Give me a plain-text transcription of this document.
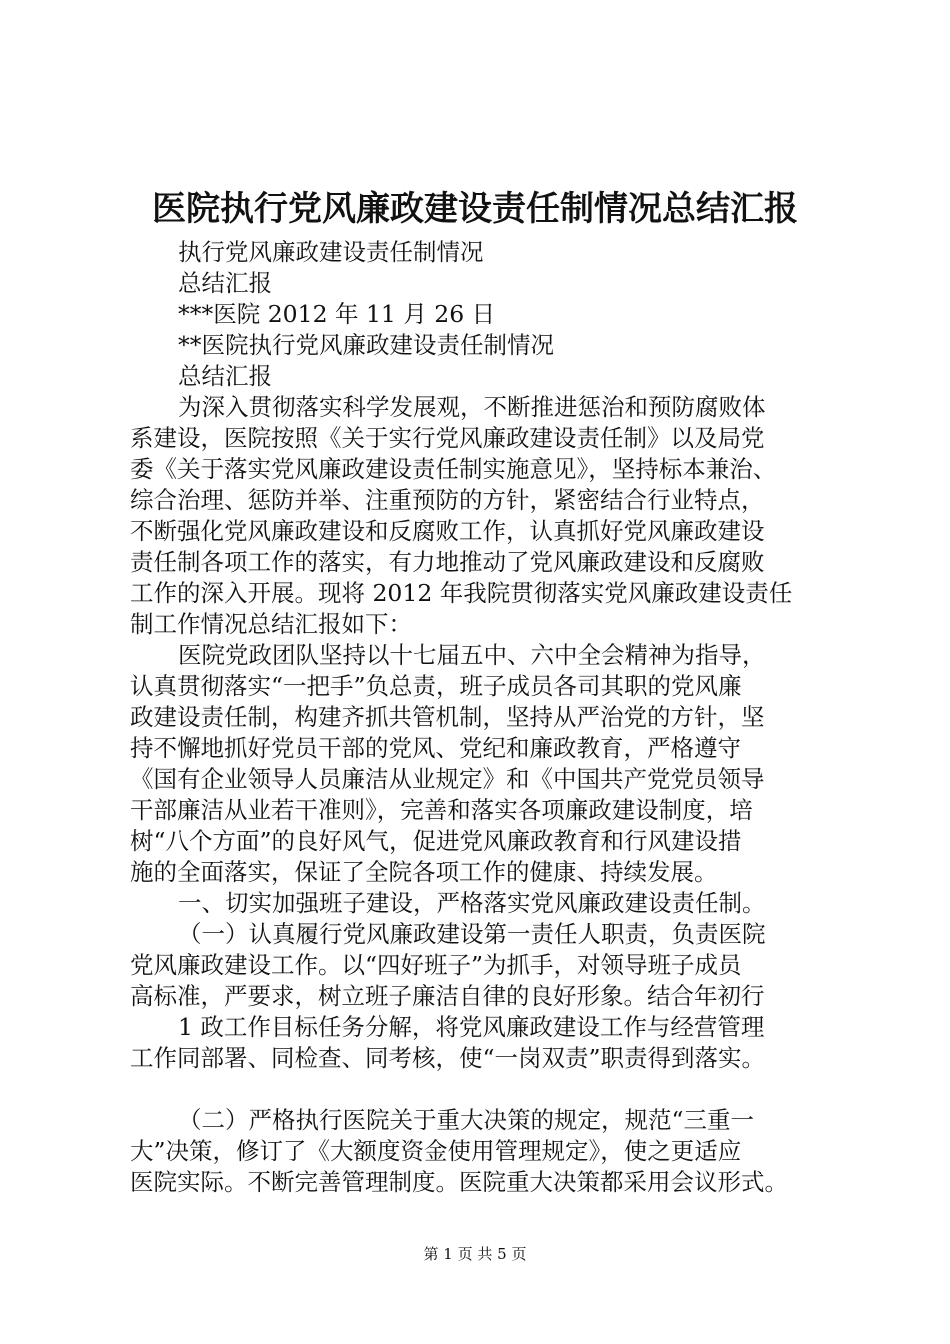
医院执行党风廉政建设责任制情况总结汇报
执行党风廉政建设责任制情况
总结汇报
***医院 2012 年 11 月 26 日
**医院执行党风廉政建设责任制情况
总结汇报
为深入贯彻落实科学发展观，不断推进惩治和预防腐败体
系建设，医院按照《关于实行党风廉政建设责任制》以及局党
委《关于落实党风廉政建设责任制实施意见》，坚持标本兼治、
综合治理、惩防并举、注重预防的方针，紧密结合行业特点，
不断强化党风廉政建设和反腐败工作，认真抓好党风廉政建设
责任制各项工作的落实，有力地推动了党风廉政建设和反腐败
工作的深入开展。现将 2012 年我院贯彻落实党风廉政建设责任
制工作情况总结汇报如下：
医院党政团队坚持以十七届五中、六中全会精神为指导，
认真贯彻落实“一把手”负总责，班子成员各司其职的党风廉
政建设责任制，构建齐抓共管机制，坚持从严治党的方针，坚
持不懈地抓好党员干部的党风、党纪和廉政教育，严格遵守
《国有企业领导人员廉洁从业规定》和《中国共产党党员领导
干部廉洁从业若干准则》，完善和落实各项廉政建设制度，培
树“八个方面”的良好风气，促进党风廉政教育和行风建设措
施的全面落实，保证了全院各项工作的健康、持续发展。
一、切实加强班子建设，严格落实党风廉政建设责任制。
（一）认真履行党风廉政建设第一责任人职责，负责医院
党风廉政建设工作。以“四好班子”为抓手，对领导班子成员
高标准，严要求，树立班子廉洁自律的良好形象。结合年初行
1 政工作目标任务分解，将党风廉政建设工作与经营管理
工作同部署、同检查、同考核，使“一岗双责”职责得到落实。
（二）严格执行医院关于重大决策的规定，规范“三重一
大”决策，修订了《大额度资金使用管理规定》，使之更适应
医院实际。不断完善管理制度。医院重大决策都采用会议形式。
第 1 页 共 5 页
